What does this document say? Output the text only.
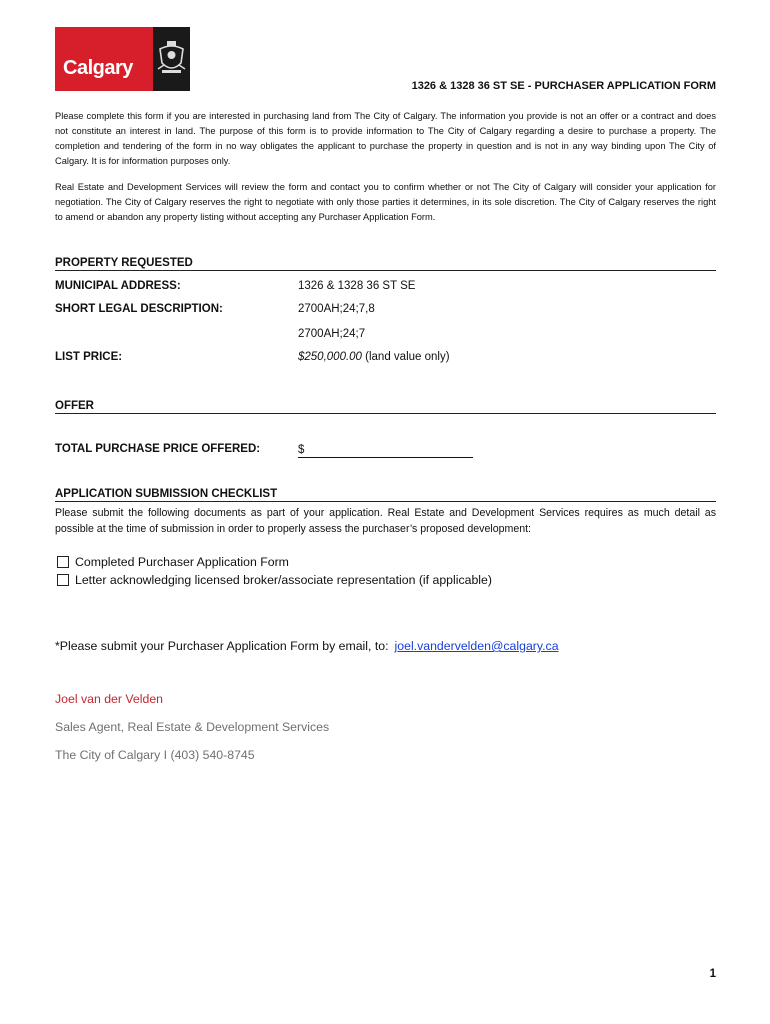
Calgary
1326 & 1328 36 ST SE - PURCHASER APPLICATION FORM
Please complete this form if you are interested in purchasing land from The City of Calgary. The information you provide is not an offer or a contract and does not constitute an interest in land. The purpose of this form is to provide information to The City of Calgary regarding a desire to purchase a property. The completion and tendering of the form in no way obligates the applicant to purchase the property in question and is not in any way binding upon The City of Calgary. It is for information purposes only.
Real Estate and Development Services will review the form and contact you to confirm whether or not The City of Calgary will consider your application for negotiation. The City of Calgary reserves the right to negotiate with only those parties it determines, in its sole discretion. The City of Calgary reserves the right to amend or abandon any property listing without accepting any Purchaser Application Form.
PROPERTY REQUESTED
MUNICIPAL ADDRESS:	1326 & 1328 36 ST SE
SHORT LEGAL DESCRIPTION:	2700AH;24;7,8
2700AH;24;7
LIST PRICE:	$250,000.00 (land value only)
OFFER
TOTAL PURCHASE PRICE OFFERED:	$
APPLICATION SUBMISSION CHECKLIST
Please submit the following documents as part of your application. Real Estate and Development Services requires as much detail as possible at the time of submission in order to properly assess the purchaser’s proposed development:
Completed Purchaser Application Form
Letter acknowledging licensed broker/associate representation (if applicable)
*Please submit your Purchaser Application Form by email, to: joel.vandervelden@calgary.ca
Joel van der Velden
Sales Agent, Real Estate & Development Services
The City of Calgary I (403) 540-8745
1
